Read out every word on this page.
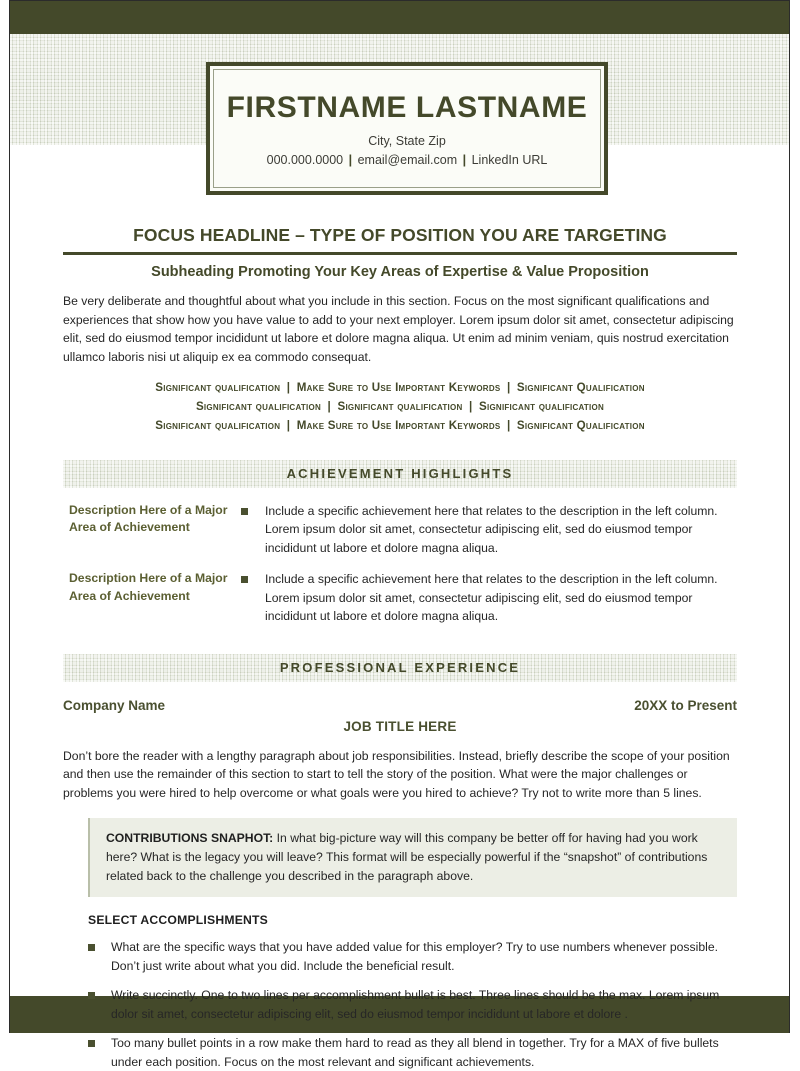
FIRSTNAME LASTNAME
City, State Zip
000.000.0000 | email@email.com | LinkedIn URL
FOCUS HEADLINE – TYPE OF POSITION YOU ARE TARGETING
Subheading Promoting Your Key Areas of Expertise & Value Proposition
Be very deliberate and thoughtful about what you include in this section. Focus on the most significant qualifications and experiences that show how you have value to add to your next employer. Lorem ipsum dolor sit amet, consectetur adipiscing elit, sed do eiusmod tempor incididunt ut labore et dolore magna aliqua. Ut enim ad minim veniam, quis nostrud exercitation ullamco laboris nisi ut aliquip ex ea commodo consequat.
Significant qualification | Make Sure to Use Important Keywords | Significant Qualification
Significant qualification | Significant qualification | Significant qualification
Significant qualification | Make Sure to Use Important Keywords | Significant Qualification
ACHIEVEMENT HIGHLIGHTS
Description Here of a Major Area of Achievement
Include a specific achievement here that relates to the description in the left column. Lorem ipsum dolor sit amet, consectetur adipiscing elit, sed do eiusmod tempor incididunt ut labore et dolore magna aliqua.
Description Here of a Major Area of Achievement
Include a specific achievement here that relates to the description in the left column. Lorem ipsum dolor sit amet, consectetur adipiscing elit, sed do eiusmod tempor incididunt ut labore et dolore magna aliqua.
PROFESSIONAL EXPERIENCE
Company Name	20XX to Present
JOB TITLE HERE
Don’t bore the reader with a lengthy paragraph about job responsibilities. Instead, briefly describe the scope of your position and then use the remainder of this section to start to tell the story of the position. What were the major challenges or problems you were hired to help overcome or what goals were you hired to achieve? Try not to write more than 5 lines.
CONTRIBUTIONS SNAPHOT: In what big-picture way will this company be better off for having had you work here? What is the legacy you will leave? This format will be especially powerful if the “snapshot” of contributions related back to the challenge you described in the paragraph above.
SELECT ACCOMPLISHMENTS
What are the specific ways that you have added value for this employer? Try to use numbers whenever possible. Don’t just write about what you did. Include the beneficial result.
Write succinctly. One to two lines per accomplishment bullet is best. Three lines should be the max. Lorem ipsum dolor sit amet, consectetur adipiscing elit, sed do eiusmod tempor incididunt ut labore et dolore .
Too many bullet points in a row make them hard to read as they all blend in together. Try for a MAX of five bullets under each position. Focus on the most relevant and significant achievements.
